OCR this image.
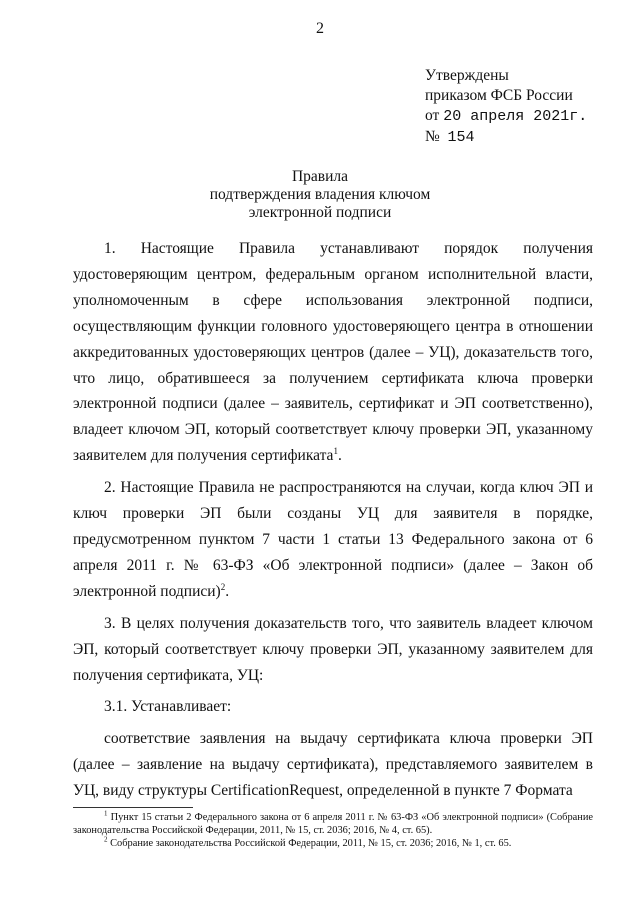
2
Утверждены
приказом ФСБ России
от 20 апреля 2021г.
№ 154
Правила
подтверждения владения ключом
электронной подписи

1. Настоящие Правила устанавливают порядок получения удостоверяющим центром, федеральным органом исполнительной власти, уполномоченным в сфере использования электронной подписи, осуществляющим функции головного удостоверяющего центра в отношении аккредитованных удостоверяющих центров (далее – УЦ), доказательств того, что лицо, обратившееся за получением сертификата ключа проверки электронной подписи (далее – заявитель, сертификат и ЭП соответственно), владеет ключом ЭП, который соответствует ключу проверки ЭП, указанному заявителем для получения сертификата$^1$.

2. Настоящие Правила не распространяются на случаи, когда ключ ЭП и ключ проверки ЭП были созданы УЦ для заявителя в порядке, предусмотренном пунктом 7 части 1 статьи 13 Федерального закона от 6 апреля 2011 г. № 63-ФЗ «Об электронной подписи» (далее – Закон об электронной подписи)$^2$.

3. В целях получения доказательств того, что заявитель владеет ключом ЭП, который соответствует ключу проверки ЭП, указанному заявителем для получения сертификата, УЦ:

3.1. Устанавливает:

соответствие заявления на выдачу сертификата ключа проверки ЭП (далее – заявление на выдачу сертификата), представляемого заявителем в УЦ, виду структуры CertificationRequest, определенной в пункте 7 Формата

$^1$ Пункт 15 статьи 2 Федерального закона от 6 апреля 2011 г. № 63-ФЗ «Об электронной подписи» (Собрание законодательства Российской Федерации, 2011, № 15, ст. 2036; 2016, № 4, ст. 65).

$^2$ Собрание законодательства Российской Федерации, 2011, № 15, ст. 2036; 2016, № 1, ст. 65.
